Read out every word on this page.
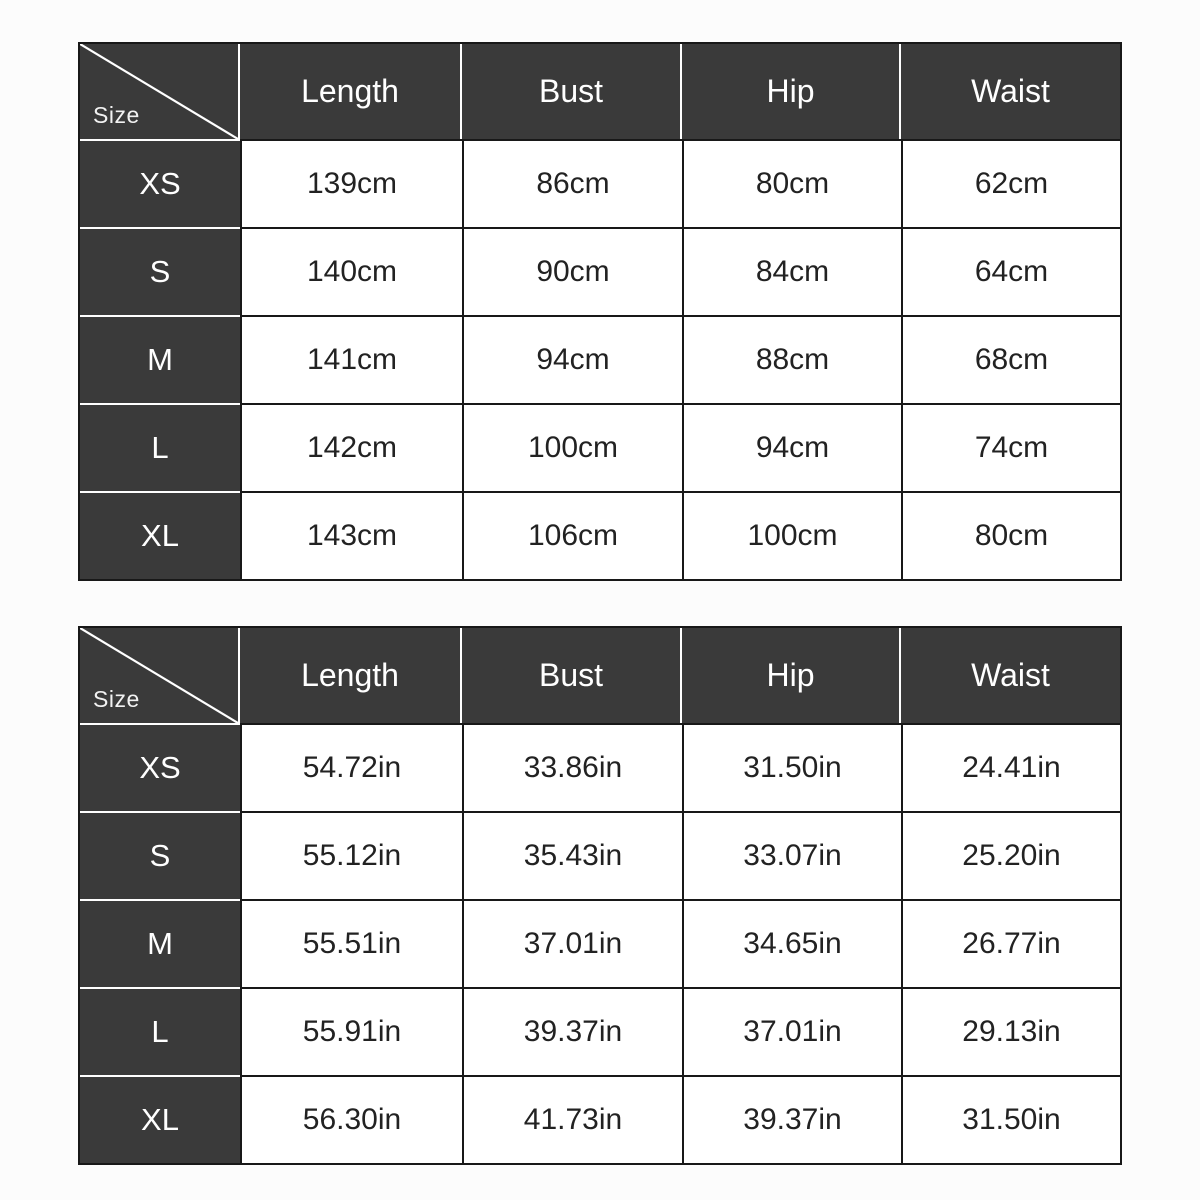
Size	Length	Bust	Hip	Waist
XS	139cm	86cm	80cm	62cm
S	140cm	90cm	84cm	64cm
M	141cm	94cm	88cm	68cm
L	142cm	100cm	94cm	74cm
XL	143cm	106cm	100cm	80cm
Size	Length	Bust	Hip	Waist
XS	54.72in	33.86in	31.50in	24.41in
S	55.12in	35.43in	33.07in	25.20in
M	55.51in	37.01in	34.65in	26.77in
L	55.91in	39.37in	37.01in	29.13in
XL	56.30in	41.73in	39.37in	31.50in
